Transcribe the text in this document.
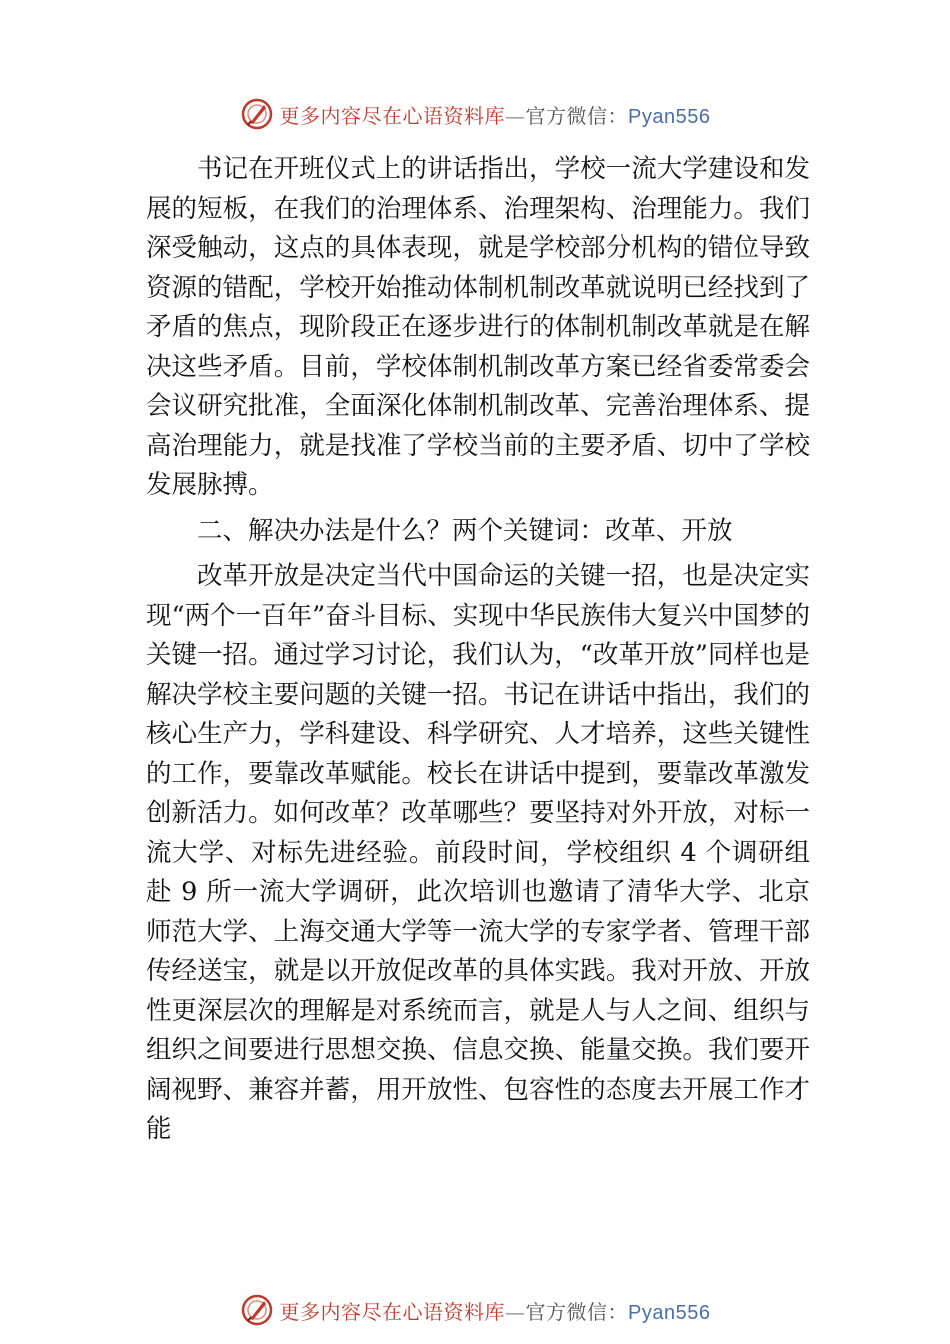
更多内容尽在心语资料库—官方微信：Pyan556

书记在开班仪式上的讲话指出，学校一流大学建设和发展的短板，在我们的治理体系、治理架构、治理能力。我们深受触动，这点的具体表现，就是学校部分机构的错位导致资源的错配，学校开始推动体制机制改革就说明已经找到了矛盾的焦点，现阶段正在逐步进行的体制机制改革就是在解决这些矛盾。目前，学校体制机制改革方案已经省委常委会会议研究批准，全面深化体制机制改革、完善治理体系、提高治理能力，就是找准了学校当前的主要矛盾、切中了学校发展脉搏。

二、解决办法是什么？两个关键词：改革、开放

改革开放是决定当代中国命运的关键一招，也是决定实现“两个一百年”奋斗目标、实现中华民族伟大复兴中国梦的关键一招。通过学习讨论，我们认为，“改革开放”同样也是解决学校主要问题的关键一招。书记在讲话中指出，我们的核心生产力，学科建设、科学研究、人才培养，这些关键性的工作，要靠改革赋能。校长在讲话中提到，要靠改革激发创新活力。如何改革？改革哪些？要坚持对外开放，对标一流大学、对标先进经验。前段时间，学校组织 4 个调研组赴 9 所一流大学调研，此次培训也邀请了清华大学、北京师范大学、上海交通大学等一流大学的专家学者、管理干部传经送宝，就是以开放促改革的具体实践。我对开放、开放性更深层次的理解是对系统而言，就是人与人之间、组织与组织之间要进行思想交换、信息交换、能量交换。我们要开阔视野、兼容并蓄，用开放性、包容性的态度去开展工作才能

更多内容尽在心语资料库—官方微信：Pyan556
